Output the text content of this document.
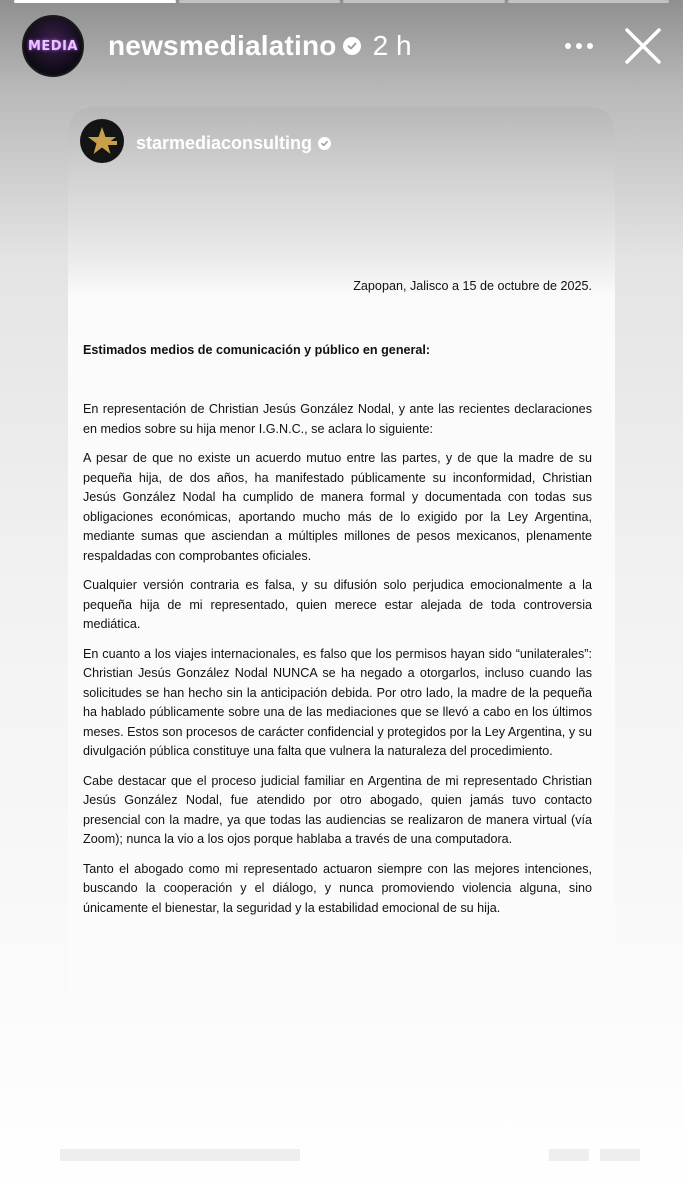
MEDIA newsmedialatino 2 h
starmediaconsulting
Zapopan, Jalisco a 15 de octubre de 2025.
Estimados medios de comunicación y público en general:

En representación de Christian Jesús González Nodal, y ante las recientes declaraciones en medios sobre su hija menor I.G.N.C., se aclara lo siguiente:

A pesar de que no existe un acuerdo mutuo entre las partes, y de que la madre de su pequeña hija, de dos años, ha manifestado públicamente su inconformidad, Christian Jesús González Nodal ha cumplido de manera formal y documentada con todas sus obligaciones económicas, aportando mucho más de lo exigido por la Ley Argentina, mediante sumas que asciendan a múltiples millones de pesos mexicanos, plenamente respaldadas con comprobantes oficiales.

Cualquier versión contraria es falsa, y su difusión solo perjudica emocionalmente a la pequeña hija de mi representado, quien merece estar alejada de toda controversia mediática.

En cuanto a los viajes internacionales, es falso que los permisos hayan sido “unilaterales”: Christian Jesús González Nodal NUNCA se ha negado a otorgarlos, incluso cuando las solicitudes se han hecho sin la anticipación debida. Por otro lado, la madre de la pequeña ha hablado públicamente sobre una de las mediaciones que se llevó a cabo en los últimos meses. Estos son procesos de carácter confidencial y protegidos por la Ley Argentina, y su divulgación pública constituye una falta que vulnera la naturaleza del procedimiento.

Cabe destacar que el proceso judicial familiar en Argentina de mi representado Christian Jesús González Nodal, fue atendido por otro abogado, quien jamás tuvo contacto presencial con la madre, ya que todas las audiencias se realizaron de manera virtual (vía Zoom); nunca la vio a los ojos porque hablaba a través de una computadora.

Tanto el abogado como mi representado actuaron siempre con las mejores intenciones, buscando la cooperación y el diálogo, y nunca promoviendo violencia alguna, sino únicamente el bienestar, la seguridad y la estabilidad emocional de su hija.

▬▬▬▬▬▬	▬ ▬
